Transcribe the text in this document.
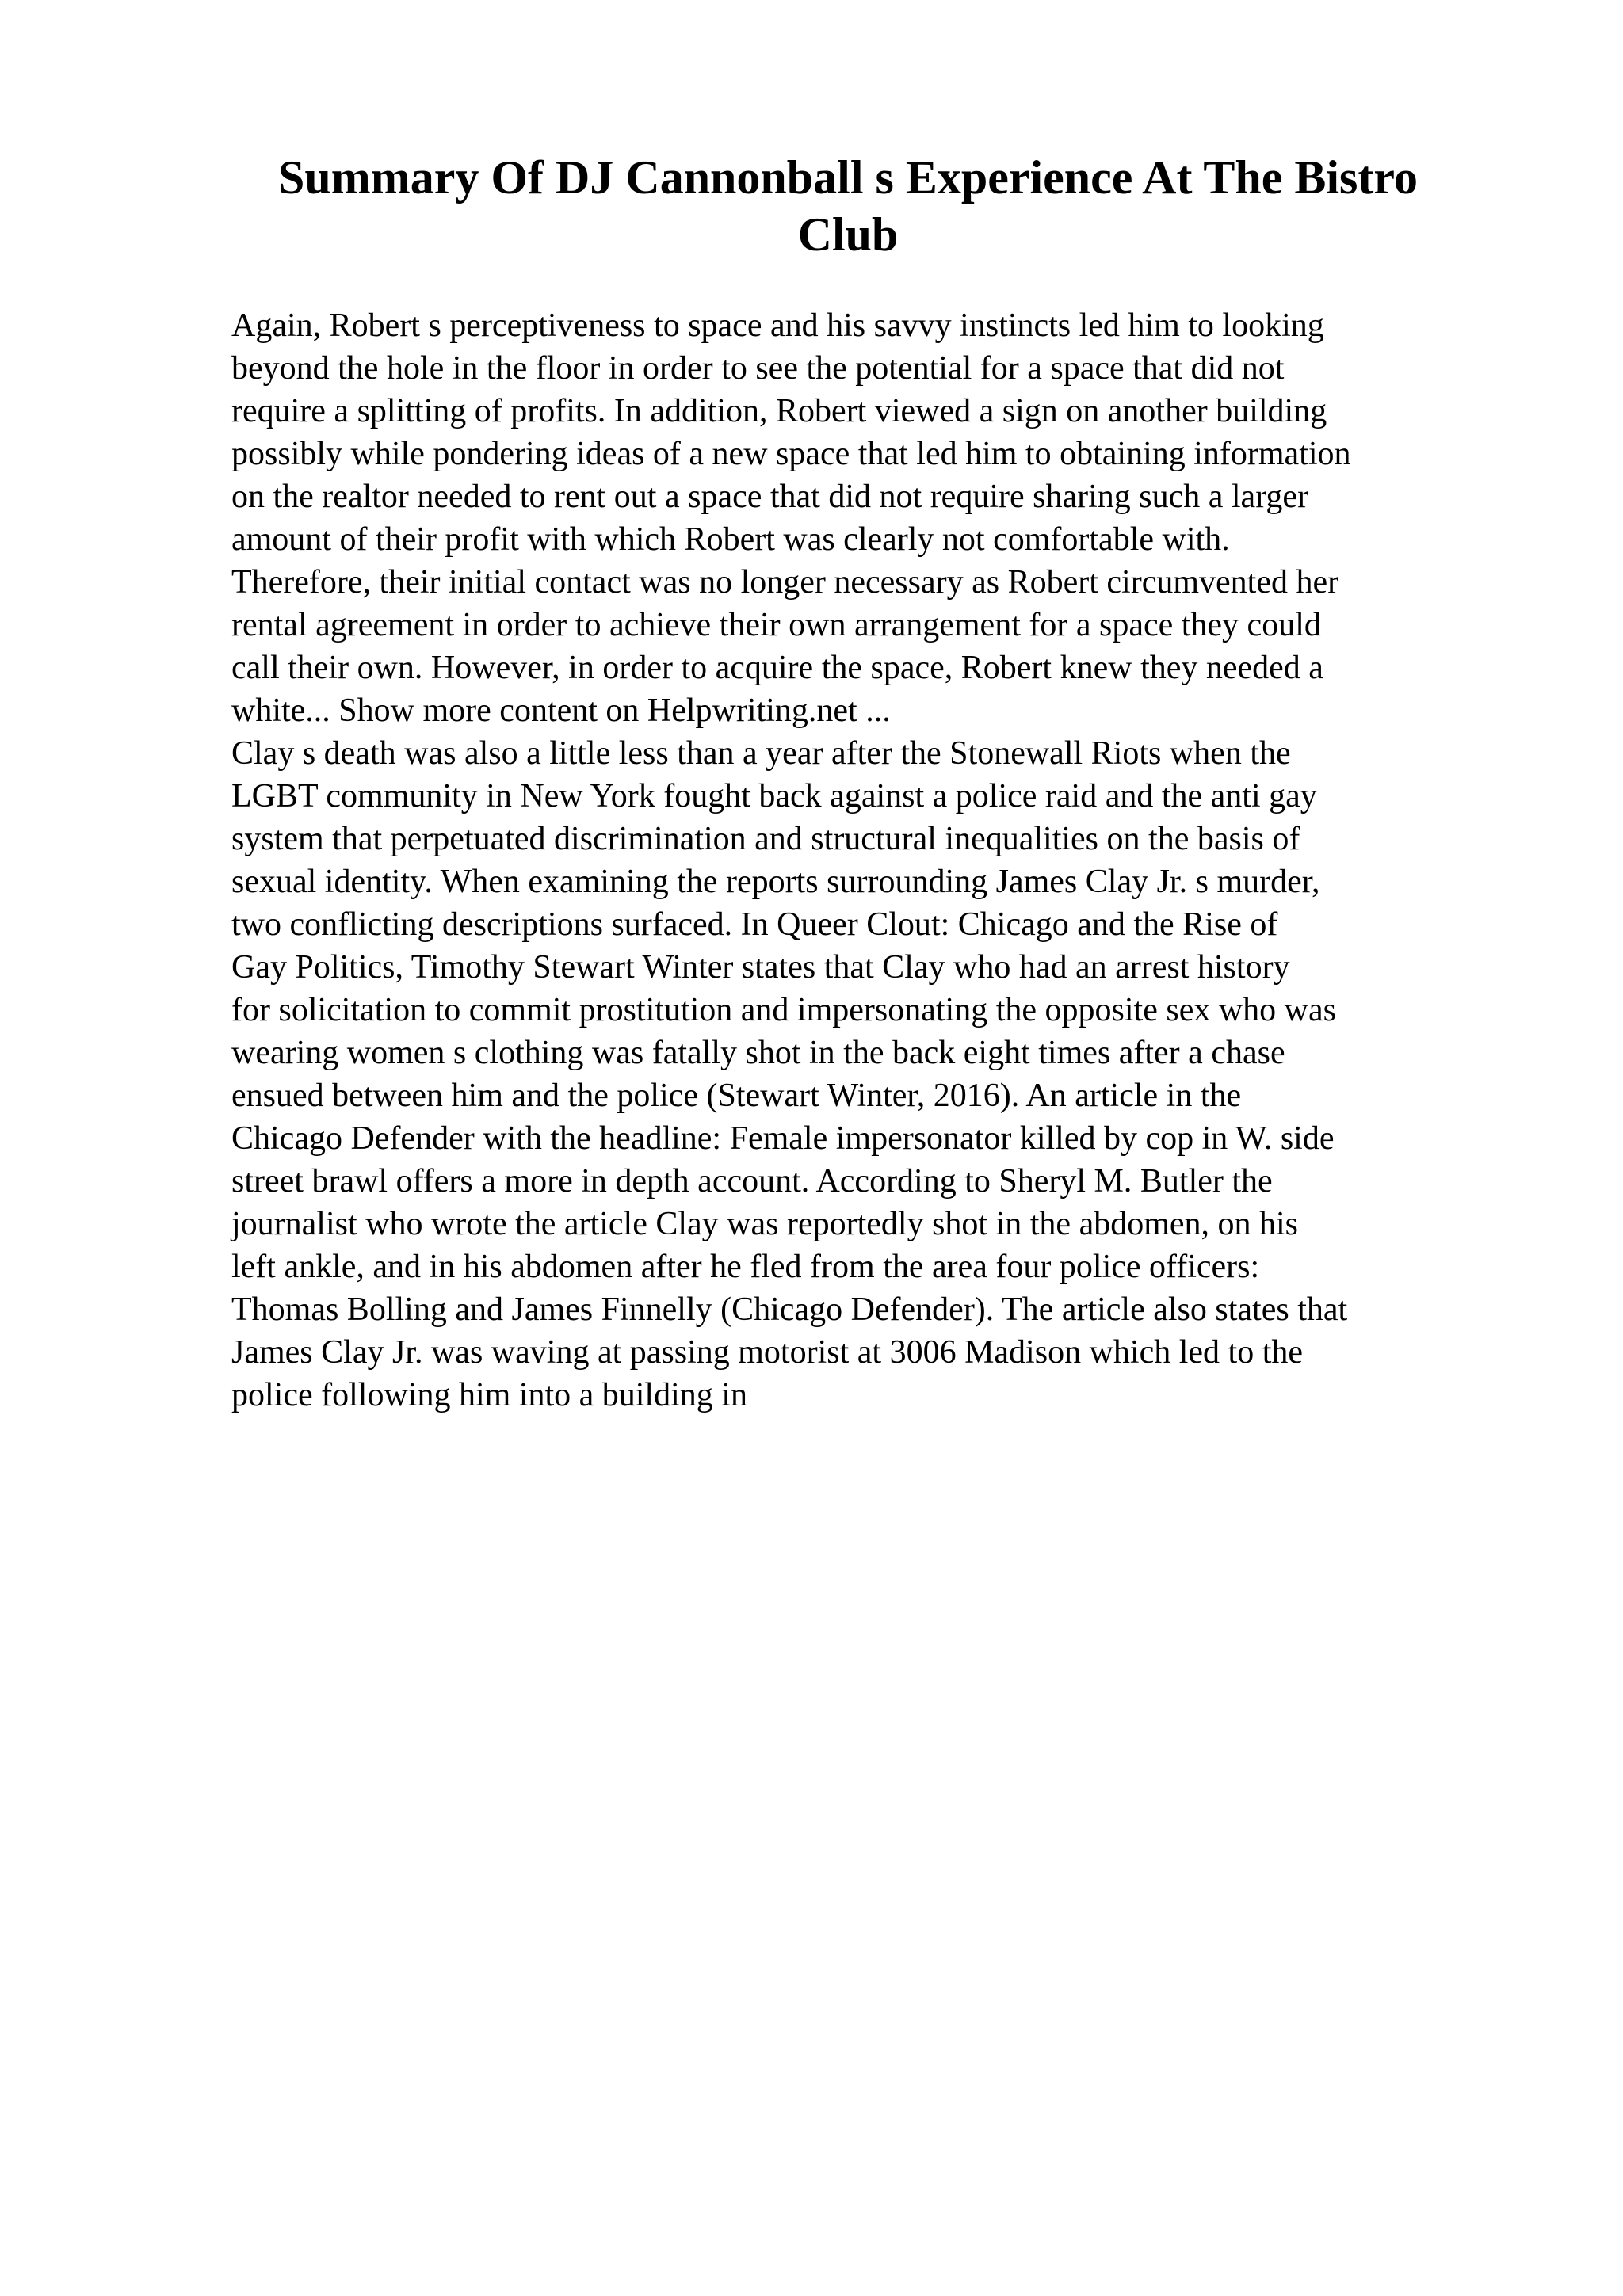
Summary Of DJ Cannonball s Experience At The Bistro Club

Again, Robert s perceptiveness to space and his savvy instincts led him to looking
beyond the hole in the floor in order to see the potential for a space that did not
require a splitting of profits. In addition, Robert viewed a sign on another building
possibly while pondering ideas of a new space that led him to obtaining information
on the realtor needed to rent out a space that did not require sharing such a larger
amount of their profit with which Robert was clearly not comfortable with.
Therefore, their initial contact was no longer necessary as Robert circumvented her
rental agreement in order to achieve their own arrangement for a space they could
call their own. However, in order to acquire the space, Robert knew they needed a
white... Show more content on Helpwriting.net ...

Clay s death was also a little less than a year after the Stonewall Riots when the
LGBT community in New York fought back against a police raid and the anti gay
system that perpetuated discrimination and structural inequalities on the basis of
sexual identity. When examining the reports surrounding James Clay Jr. s murder,
two conflicting descriptions surfaced. In Queer Clout: Chicago and the Rise of
Gay Politics, Timothy Stewart Winter states that Clay who had an arrest history
for solicitation to commit prostitution and impersonating the opposite sex who was
wearing women s clothing was fatally shot in the back eight times after a chase
ensued between him and the police (Stewart Winter, 2016). An article in the
Chicago Defender with the headline: Female impersonator killed by cop in W. side
street brawl offers a more in depth account. According to Sheryl M. Butler the
journalist who wrote the article Clay was reportedly shot in the abdomen, on his
left ankle, and in his abdomen after he fled from the area four police officers:
Thomas Bolling and James Finnelly (Chicago Defender). The article also states that
James Clay Jr. was waving at passing motorist at 3006 Madison which led to the
police following him into a building in
